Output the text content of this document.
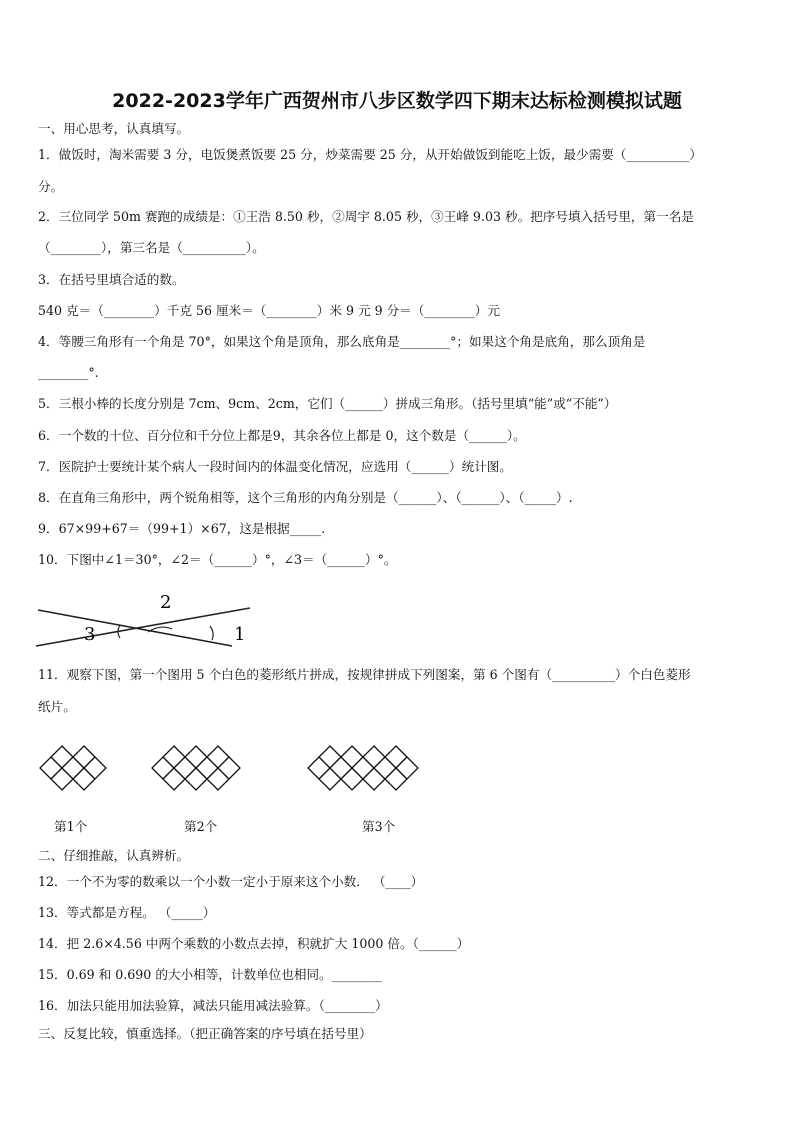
2022-2023学年广西贺州市八步区数学四下期末达标检测模拟试题
一、用心思考，认真填写。
1．做饭时，淘米需要 3 分，电饭煲煮饭要 25 分，炒菜需要 25 分，从开始做饭到能吃上饭，最少需要（__________）
分。
2．三位同学 50m 赛跑的成绩是：①王浩 8.50 秒，②周宇 8.05 秒，③王峰 9.03 秒。把序号填入括号里，第一名是
（________），第三名是（__________）。
3．在括号里填合适的数。
540 克＝（________）千克 56 厘米＝（________）米 9 元 9 分＝（________）元
4．等腰三角形有一个角是 70°，如果这个角是顶角，那么底角是________°；如果这个角是底角，那么顶角是
________°.
5．三根小棒的长度分别是 7cm、9cm、2cm，它们（______）拼成三角形。（括号里填“能”或“不能”）
6．一个数的十位、百分位和千分位上都是9，其余各位上都是 0，这个数是（______）。
7．医院护士要统计某个病人一段时间内的体温变化情况，应选用（______）统计图。
8．在直角三角形中，两个锐角相等，这个三角形的内角分别是（______）、（______）、（_____）.
9．67×99+67＝（99+1）×67，这是根据_____.
10．下图中∠1＝30°，∠2＝（______）°，∠3＝（______）°。
2
3	1
11．观察下图，第一个图用 5 个白色的菱形纸片拼成，按规律拼成下列图案，第 6 个图有（__________）个白色菱形
纸片。
第1个	第2个	第3个
二、仔细推敲，认真辨析。
12．一个不为零的数乘以一个小数一定小于原来这个小数． （____）
13．等式都是方程。 （_____）
14．把 2.6×4.56 中两个乘数的小数点去掉，积就扩大 1000 倍。（______）
15．0.69 和 0.690 的大小相等，计数单位也相同。________
16．加法只能用加法验算，减法只能用减法验算。（________）
三、反复比较，慎重选择。（把正确答案的序号填在括号里）
